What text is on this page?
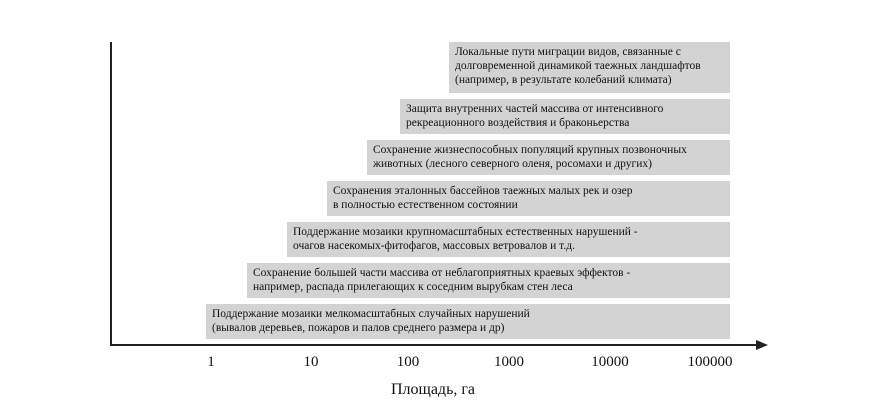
Локальные пути миграции видов, связанные с
долговременной динамикой таежных ландшафтов
(например, в результате колебаний климата)
Защита внутренних частей массива от интенсивного
рекреационного воздействия и браконьерства
Сохранение жизнеспособных популяций крупных позвоночных
животных (лесного северного оленя, росомахи и других)
Сохранения эталонных бассейнов таежных малых рек и озер
в полностью естественном состоянии
Поддержание мозаики крупномасштабных естественных нарушений -
очагов насекомых-фитофагов, массовых ветровалов и т.д.
Сохранение большей части массива от неблагоприятных краевых эффектов -
например, распада прилегающих к соседним вырубкам стен леса
Поддержание мозаики мелкомасштабных случайных нарушений
(вывалов деревьев, пожаров и палов среднего размера и др)
1	10	100	1000	10000	100000
Площадь, га
